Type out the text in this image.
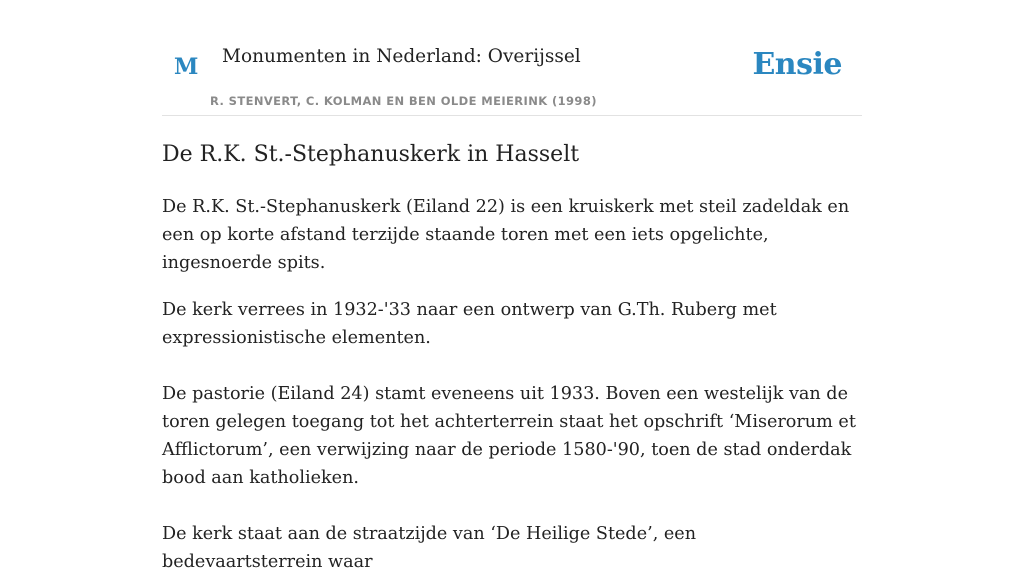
M Monumenten in Nederland: Overijssel
R. STENVERT, C. KOLMAN EN BEN OLDE MEIERINK (1998)
Ensie
De R.K. St.-Stephanuskerk in Hasselt

De R.K. St.-Stephanuskerk (Eiland 22) is een kruiskerk met steil zadeldak en een op korte afstand terzijde staande toren met een iets opgelichte, ingesnoerde spits.

De kerk verrees in 1932-'33 naar een ontwerp van G.Th. Ruberg met expressionistische elementen.

De pastorie (Eiland 24) stamt eveneens uit 1933. Boven een westelijk van de toren gelegen toegang tot het achterterrein staat het opschrift ‘Miserorum et Afflictorum’, een verwijzing naar de periode 1580-'90, toen de stad onderdak bood aan katholieken.

De kerk staat aan de straatzijde van ‘De Heilige Stede’, een bedevaartsterrein waar
